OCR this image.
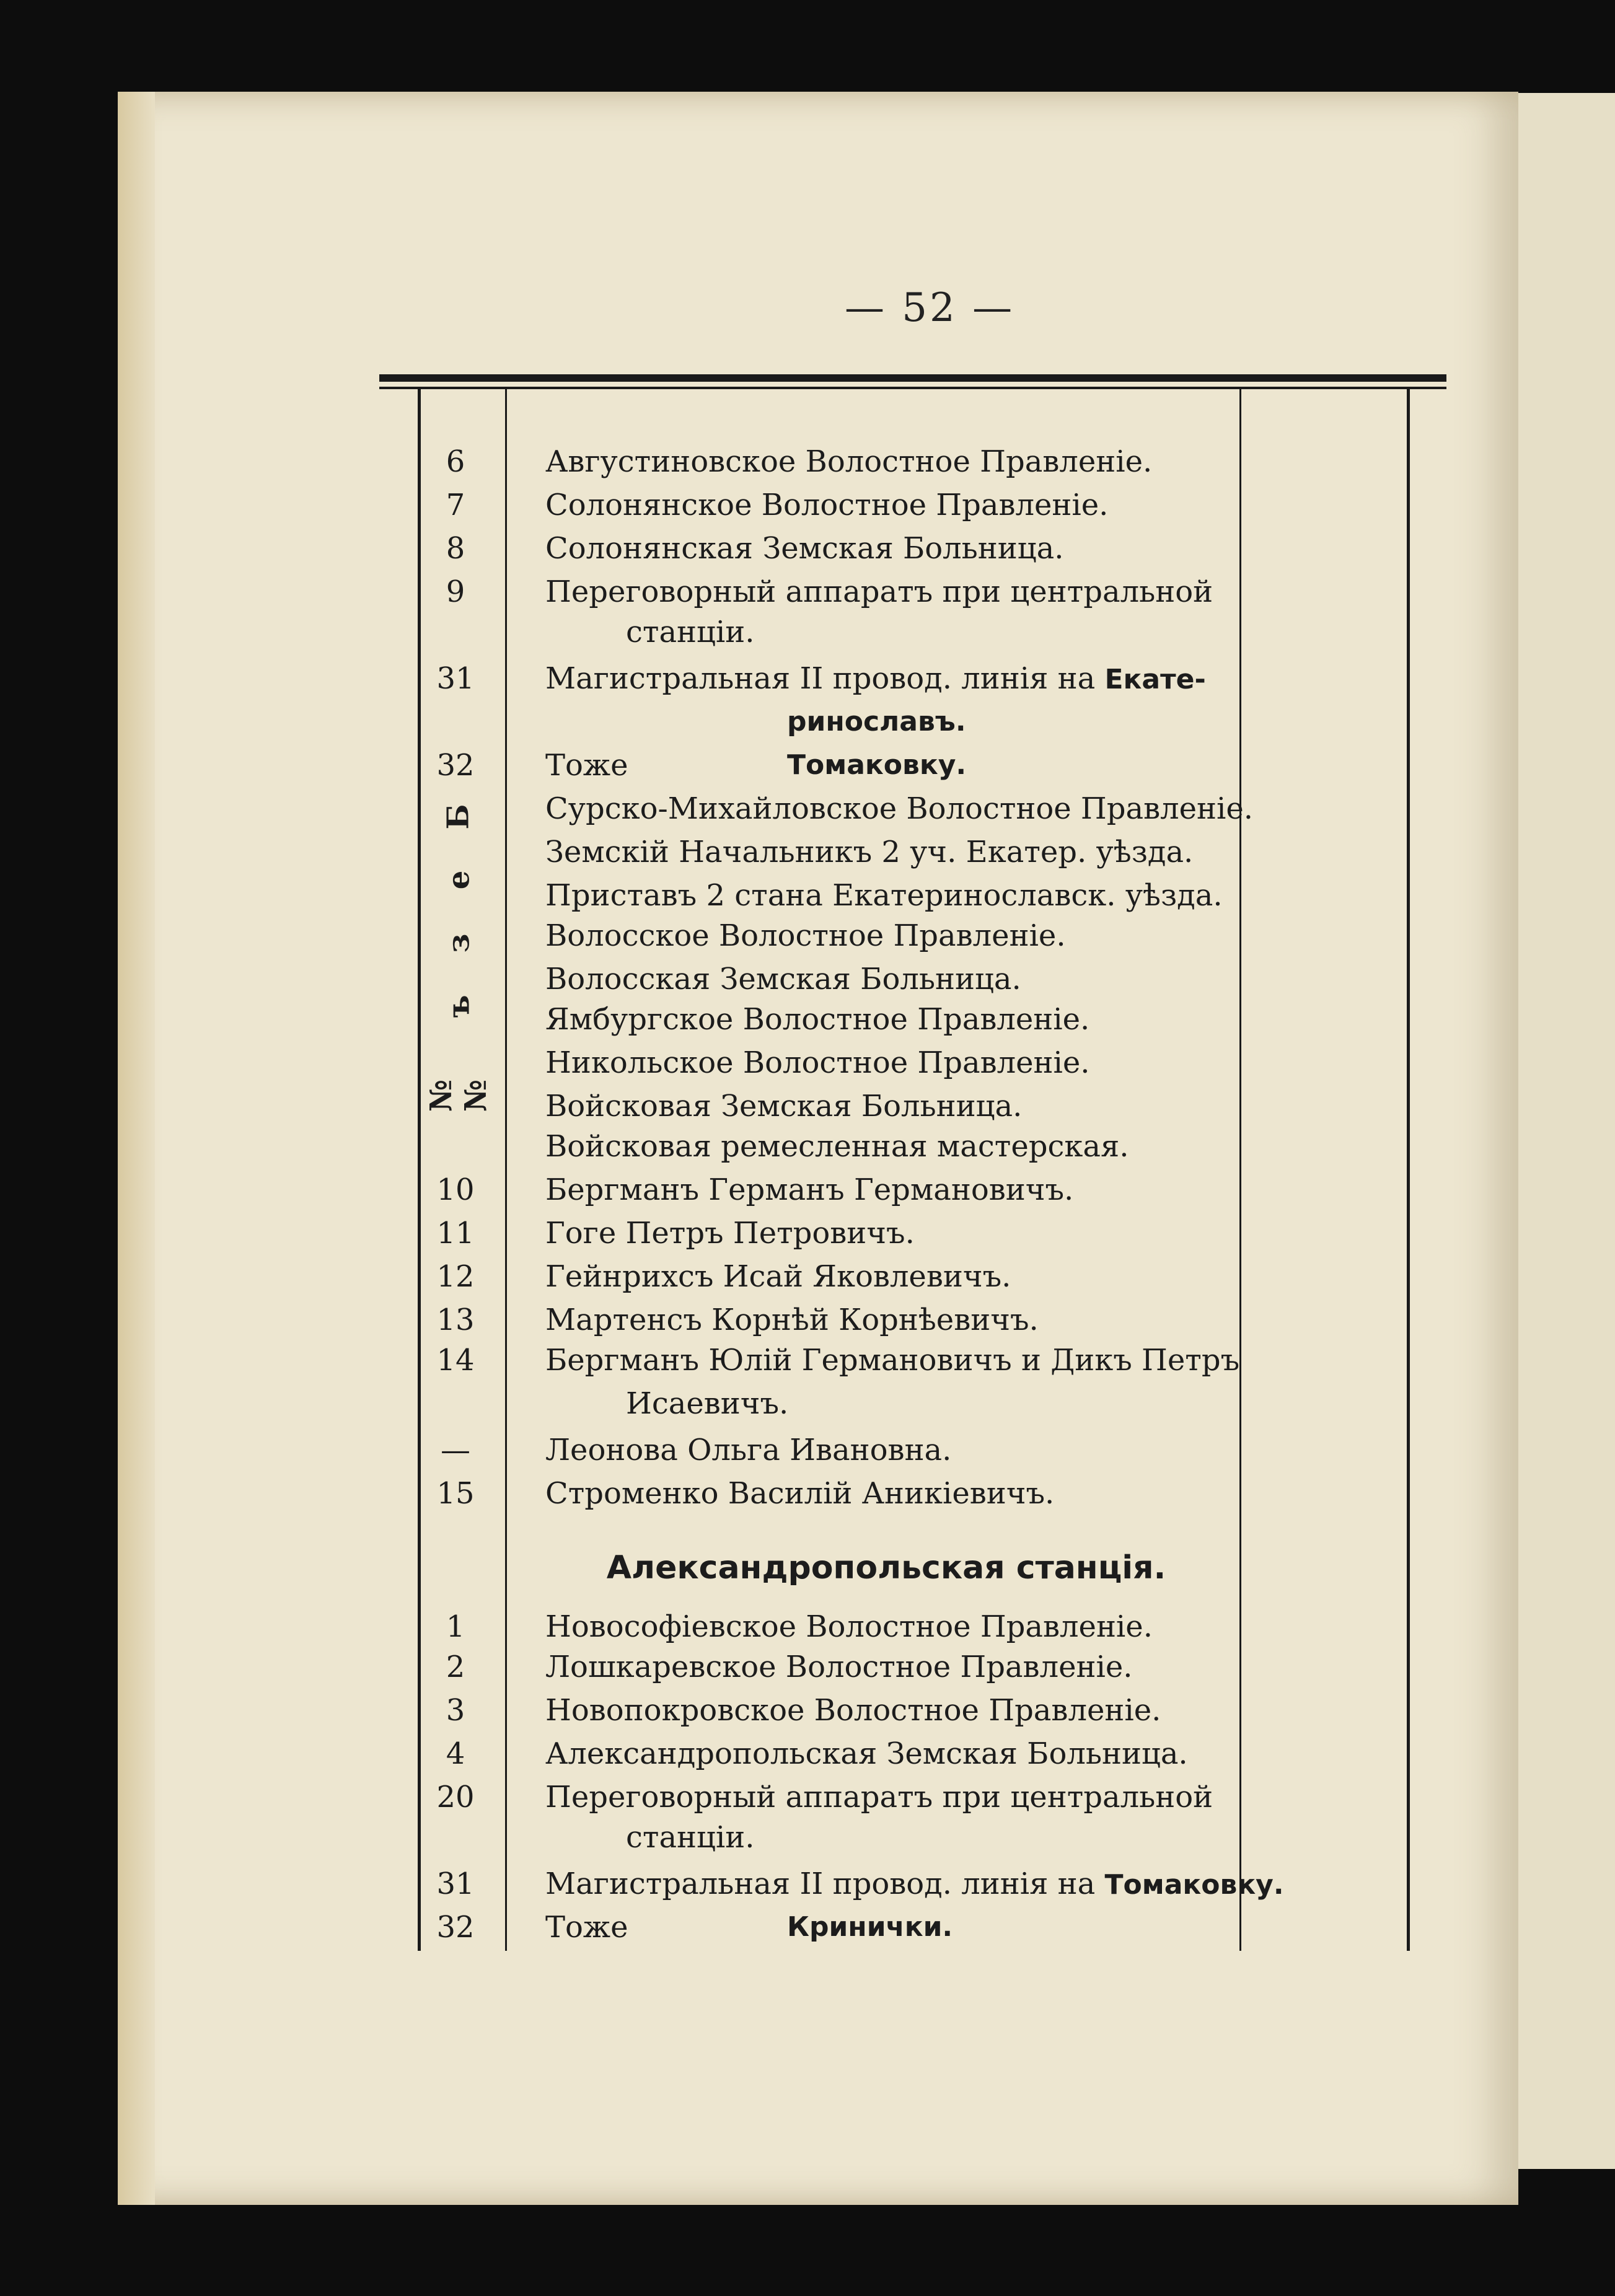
— 52 —
Б
е
з
ъ
№№
6	Августиновское Волостное Правленіе.
7	Солонянское Волостное Правленіе.
8	Солонянская Земская Больница.
9	Переговорный аппаратъ при центральной
станціи.
31	Магистральная II провод. линія на Екате-
ринославъ.
32	Тоже	Томаковку.
Сурско-Михайловское Волостное Правленіе.
Земскій Начальникъ 2 уч. Екатер. уѣзда.
Приставъ 2 стана Екатеринославск. уѣзда.
Волосское Волостное Правленіе.
Волосская Земская Больница.
Ямбургское Волостное Правленіе.
Никольское Волостное Правленіе.
Войсковая Земская Больница.
Войсковая ремесленная мастерская.
10	Бергманъ Германъ Германовичъ.
11	Гоге Петръ Петровичъ.
12	Гейнрихсъ Исай Яковлевичъ.
13	Мартенсъ Корнѣй Корнѣевичъ.
14	Бергманъ Юлій Германовичъ и Дикъ Петръ
Исаевичъ.
—	Леонова Ольга Ивановна.
15	Строменко Василій Аникіевичъ.
Александропольская станція.
1	Новософіевское Волостное Правленіе.
2	Лошкаревское Волостное Правленіе.
3	Новопокровское Волостное Правленіе.
4	Александропольская Земская Больница.
20	Переговорный аппаратъ при центральной
станціи.
31	Магистральная II провод. линія на Томаковку.
32	Тоже	Кринички.
